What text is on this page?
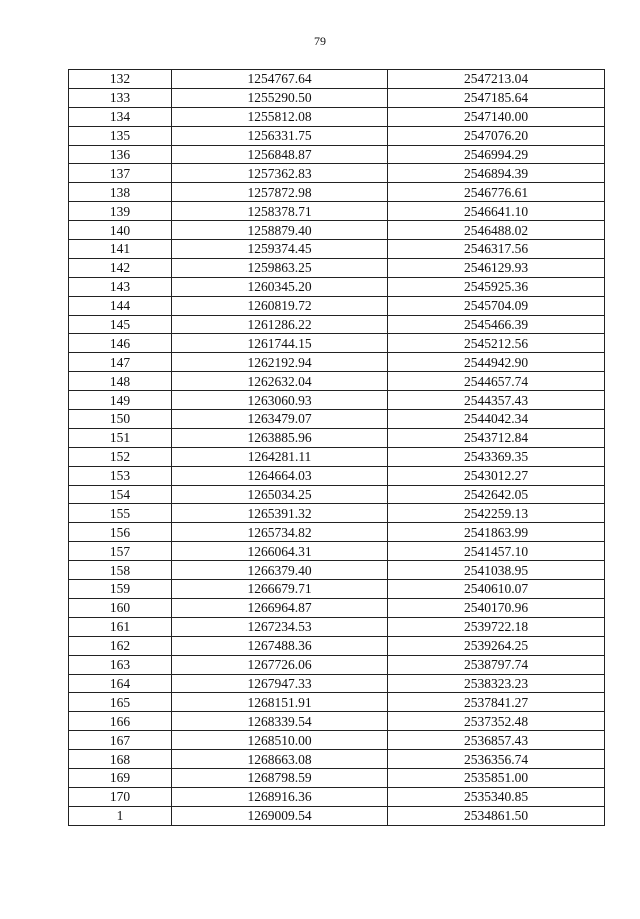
79
132	1254767.64	2547213.04
133	1255290.50	2547185.64
134	1255812.08	2547140.00
135	1256331.75	2547076.20
136	1256848.87	2546994.29
137	1257362.83	2546894.39
138	1257872.98	2546776.61
139	1258378.71	2546641.10
140	1258879.40	2546488.02
141	1259374.45	2546317.56
142	1259863.25	2546129.93
143	1260345.20	2545925.36
144	1260819.72	2545704.09
145	1261286.22	2545466.39
146	1261744.15	2545212.56
147	1262192.94	2544942.90
148	1262632.04	2544657.74
149	1263060.93	2544357.43
150	1263479.07	2544042.34
151	1263885.96	2543712.84
152	1264281.11	2543369.35
153	1264664.03	2543012.27
154	1265034.25	2542642.05
155	1265391.32	2542259.13
156	1265734.82	2541863.99
157	1266064.31	2541457.10
158	1266379.40	2541038.95
159	1266679.71	2540610.07
160	1266964.87	2540170.96
161	1267234.53	2539722.18
162	1267488.36	2539264.25
163	1267726.06	2538797.74
164	1267947.33	2538323.23
165	1268151.91	2537841.27
166	1268339.54	2537352.48
167	1268510.00	2536857.43
168	1268663.08	2536356.74
169	1268798.59	2535851.00
170	1268916.36	2535340.85
1	1269009.54	2534861.50
